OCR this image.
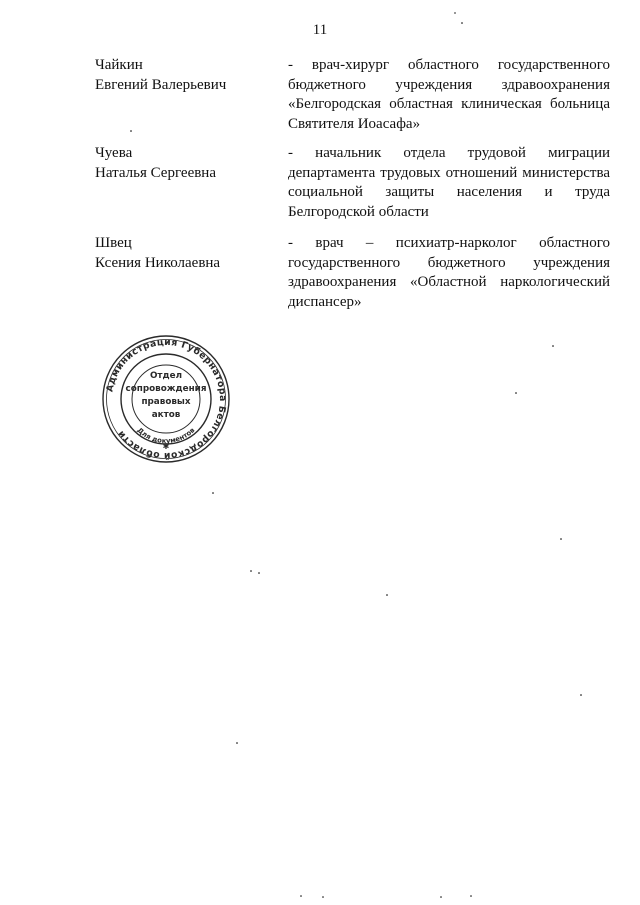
11
Чайкин
Евгений Валерьевич
- врач-хирург областного государственного бюджетного учреждения здравоохранения «Белгородская областная клиническая больница Святителя Иоасафа»
Чуева
Наталья Сергеевна
- начальник отдела трудовой миграции департамента трудовых отношений министерства социальной защиты населения и труда Белгородской области
Швец
Ксения Николаевна
- врач – психиатр-нарколог областного государственного бюджетного учреждения здравоохранения «Областной наркологический диспансер»
Администрация Губернатора Белгородской области	Для документов
Отдел
сопровождения
правовых
актов
✱
